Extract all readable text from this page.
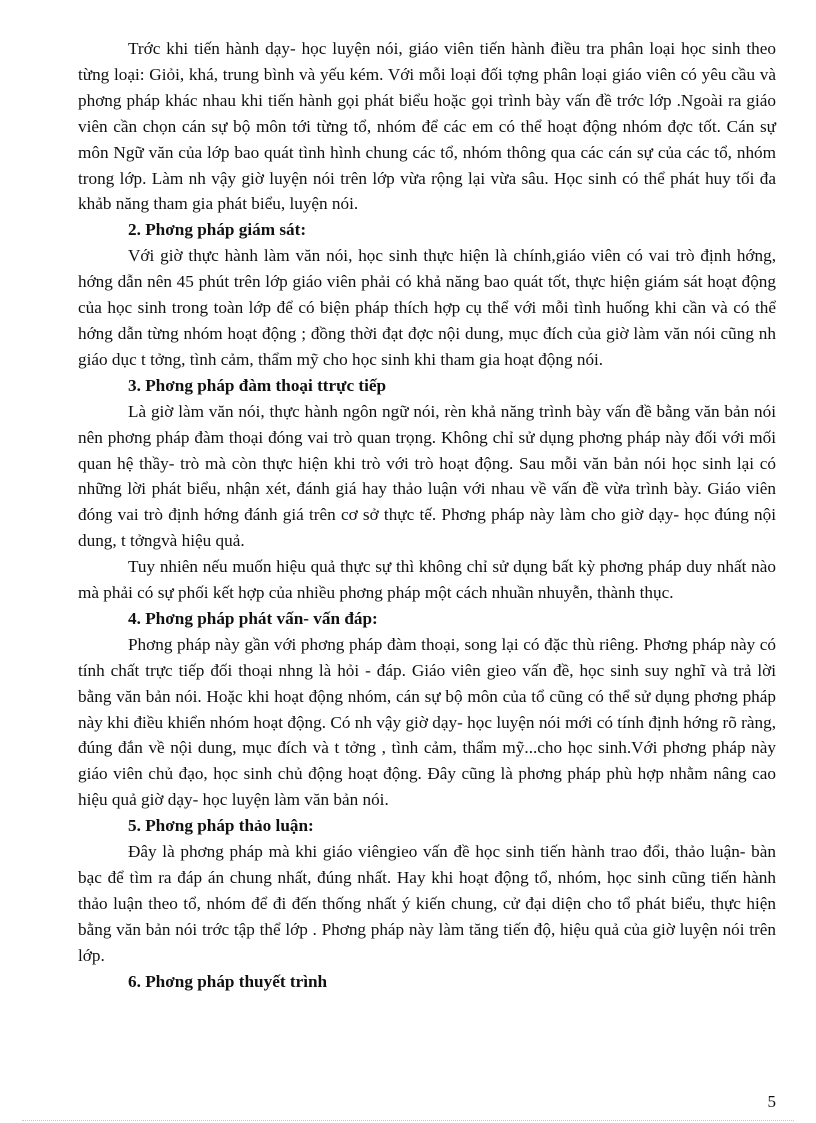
Trớc khi tiến hành dạy- học luyện nói, giáo viên tiến hành điều tra phân loại học sinh theo từng loại: Giỏi, khá, trung bình và yếu kém. Với mỗi loại đối tợng phân loại giáo viên có yêu cầu và phơng pháp khác nhau khi tiến hành gọi phát biểu hoặc gọi trình bày vấn đề trớc lớp .Ngoài ra giáo viên cần chọn cán sự bộ môn tới từng tổ, nhóm để các em có thể hoạt động nhóm đợc tốt. Cán sự môn Ngữ văn của lớp bao quát tình hình chung các tổ, nhóm thông qua các cán sự của các tổ, nhóm trong lớp. Làm nh vậy giờ luyện nói trên lớp vừa rộng lại vừa sâu. Học sinh có thể phát huy tối đa khảb năng tham gia phát biểu, luyện nói.

2. Phơng pháp giám sát:

Với giờ thực hành làm văn nói, học sinh thực hiện là chính,giáo viên có vai trò định hớng, hớng dẫn nên 45 phút trên lớp giáo viên phải có khả năng bao quát tốt, thực hiện giám sát hoạt động của học sinh trong toàn lớp để có biện pháp thích hợp cụ thể với mỗi tình huống khi cần và có thể hớng dẫn từng nhóm hoạt động ; đồng thời đạt đợc nội dung, mục đích của giờ làm văn nói cũng nh giáo dục t tởng, tình cảm, thẩm mỹ cho học sinh khi tham gia hoạt động nói.

3. Phơng pháp đàm thoại ttrực tiếp

Là giờ làm văn nói, thực hành ngôn ngữ nói, rèn khả năng trình bày vấn đề bằng văn bản nói nên phơng pháp đàm thoại đóng vai trò quan trọng. Không chỉ sử dụng phơng pháp này đối với mối quan hệ thầy- trò mà còn thực hiện khi trò với trò hoạt động. Sau mỗi văn bản nói học sinh lại có những lời phát biểu, nhận xét, đánh giá hay thảo luận với nhau về vấn đề vừa trình bày. Giáo viên đóng vai trò định hớng đánh giá trên cơ sở thực tế. Phơng pháp này làm cho giờ dạy- học đúng nội dung, t tởngvà hiệu quả.

Tuy nhiên nếu muốn hiệu quả thực sự thì không chỉ sử dụng bất kỳ phơng pháp duy nhất nào mà phải có sự phối kết hợp của nhiều phơng pháp một cách nhuần nhuyễn, thành thục.

4. Phơng pháp phát vấn- vấn đáp:

Phơng pháp này gần với phơng pháp đàm thoại, song lại có đặc thù riêng. Phơng pháp này có tính chất trực tiếp đối thoại nhng là hỏi - đáp. Giáo viên gieo vấn đề, học sinh suy nghĩ và trả lời bằng văn bản nói. Hoặc khi hoạt động nhóm, cán sự bộ môn của tổ cũng có thể sử dụng phơng pháp này khi điều khiển nhóm hoạt động. Có nh vậy giờ dạy- học luyện nói mới có tính định hớng rõ ràng, đúng đắn về nội dung, mục đích và t tởng , tình cảm, thẩm mỹ...cho học sinh.Với phơng pháp này giáo viên chủ đạo, học sinh chủ động hoạt động. Đây cũng là phơng pháp phù hợp nhằm nâng cao hiệu quả giờ dạy- học luyện làm văn bản nói.

5. Phơng pháp thảo luận:

Đây là phơng pháp mà khi giáo viêngieo vấn đề học sinh tiến hành trao đổi, thảo luận- bàn bạc để tìm ra đáp án chung nhất, đúng nhất. Hay khi hoạt động tổ, nhóm, học sinh cũng tiến hành thảo luận theo tổ, nhóm để đi đến thống nhất ý kiến chung, cử đại diện cho tổ phát biểu, thực hiện bằng văn bản nói trớc tập thể lớp . Phơng pháp này làm tăng tiến độ, hiệu quả của giờ luyện nói trên lớp.

6. Phơng pháp thuyết trình
5
